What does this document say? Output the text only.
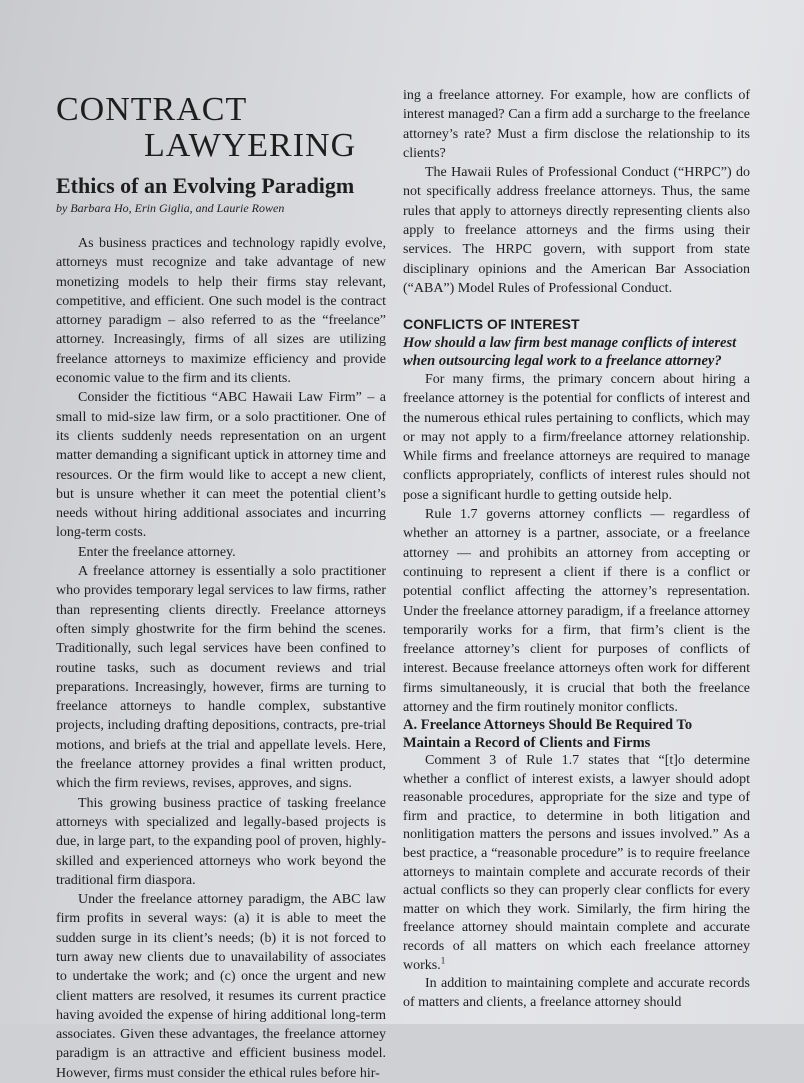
CONTRACT
LAWYERING
Ethics of an Evolving Paradigm
by Barbara Ho, Erin Giglia, and Laurie Rowen

As business practices and technology rapidly evolve, attorneys must recognize and take advantage of new monetizing models to help their firms stay relevant, competitive, and efficient. One such model is the contract attorney paradigm – also referred to as the “freelance” attorney. Increasingly, firms of all sizes are utilizing freelance attorneys to maximize efficiency and provide economic value to the firm and its clients.

Consider the fictitious “ABC Hawaii Law Firm” – a small to mid-size law firm, or a solo practitioner. One of its clients suddenly needs representation on an urgent matter demanding a significant uptick in attorney time and resources. Or the firm would like to accept a new client, but is unsure whether it can meet the potential client’s needs without hiring additional associates and incurring long-term costs.

Enter the freelance attorney.

A freelance attorney is essentially a solo practitioner who provides temporary legal services to law firms, rather than representing clients directly. Freelance attorneys often simply ghostwrite for the firm behind the scenes. Traditionally, such legal services have been confined to routine tasks, such as document reviews and trial preparations. Increasingly, however, firms are turning to freelance attorneys to handle complex, substantive projects, including drafting depositions, contracts, pre-trial motions, and briefs at the trial and appellate levels. Here, the freelance attorney provides a final written product, which the firm reviews, revises, approves, and signs.

This growing business practice of tasking freelance attorneys with specialized and legally-based projects is due, in large part, to the expanding pool of proven, highly-skilled and experienced attorneys who work beyond the traditional firm diaspora.

Under the freelance attorney paradigm, the ABC law firm profits in several ways: (a) it is able to meet the sudden surge in its client’s needs; (b) it is not forced to turn away new clients due to unavailability of associates to undertake the work; and (c) once the urgent and new client matters are resolved, it resumes its current practice having avoided the expense of hiring additional long-term associates. Given these advantages, the freelance attorney paradigm is an attractive and efficient business model. However, firms must consider the ethical rules before hir-

ing a freelance attorney. For example, how are conflicts of interest managed? Can a firm add a surcharge to the freelance attorney’s rate? Must a firm disclose the relationship to its clients?

The Hawaii Rules of Professional Conduct (“HRPC”) do not specifically address freelance attorneys. Thus, the same rules that apply to attorneys directly representing clients also apply to freelance attorneys and the firms using their services. The HRPC govern, with support from state disciplinary opinions and the American Bar Association (“ABA”) Model Rules of Professional Conduct.

CONFLICTS OF INTEREST
How should a law firm best manage conflicts of interest when outsourcing legal work to a freelance attorney?

For many firms, the primary concern about hiring a freelance attorney is the potential for conflicts of interest and the numerous ethical rules pertaining to conflicts, which may or may not apply to a firm/freelance attorney relationship. While firms and freelance attorneys are required to manage conflicts appropriately, conflicts of interest rules should not pose a significant hurdle to getting outside help.

Rule 1.7 governs attorney conflicts — regardless of whether an attorney is a partner, associate, or a freelance attorney — and prohibits an attorney from accepting or continuing to represent a client if there is a conflict or potential conflict affecting the attorney’s representation. Under the freelance attorney paradigm, if a freelance attorney temporarily works for a firm, that firm’s client is the freelance attorney’s client for purposes of conflicts of interest. Because freelance attorneys often work for different firms simultaneously, it is crucial that both the freelance attorney and the firm routinely monitor conflicts.

A. Freelance Attorneys Should Be Required To Maintain a Record of Clients and Firms

Comment 3 of Rule 1.7 states that “[t]o determine whether a conflict of interest exists, a lawyer should adopt reasonable procedures, appropriate for the size and type of firm and practice, to determine in both litigation and nonlitigation matters the persons and issues involved.” As a best practice, a “reasonable procedure” is to require freelance attorneys to maintain complete and accurate records of their actual conflicts so they can properly clear conflicts for every matter on which they work. Similarly, the firm hiring the freelance attorney should maintain complete and accurate records of all matters on which each freelance attorney works.$^1$

In addition to maintaining complete and accurate records of matters and clients, a freelance attorney should
